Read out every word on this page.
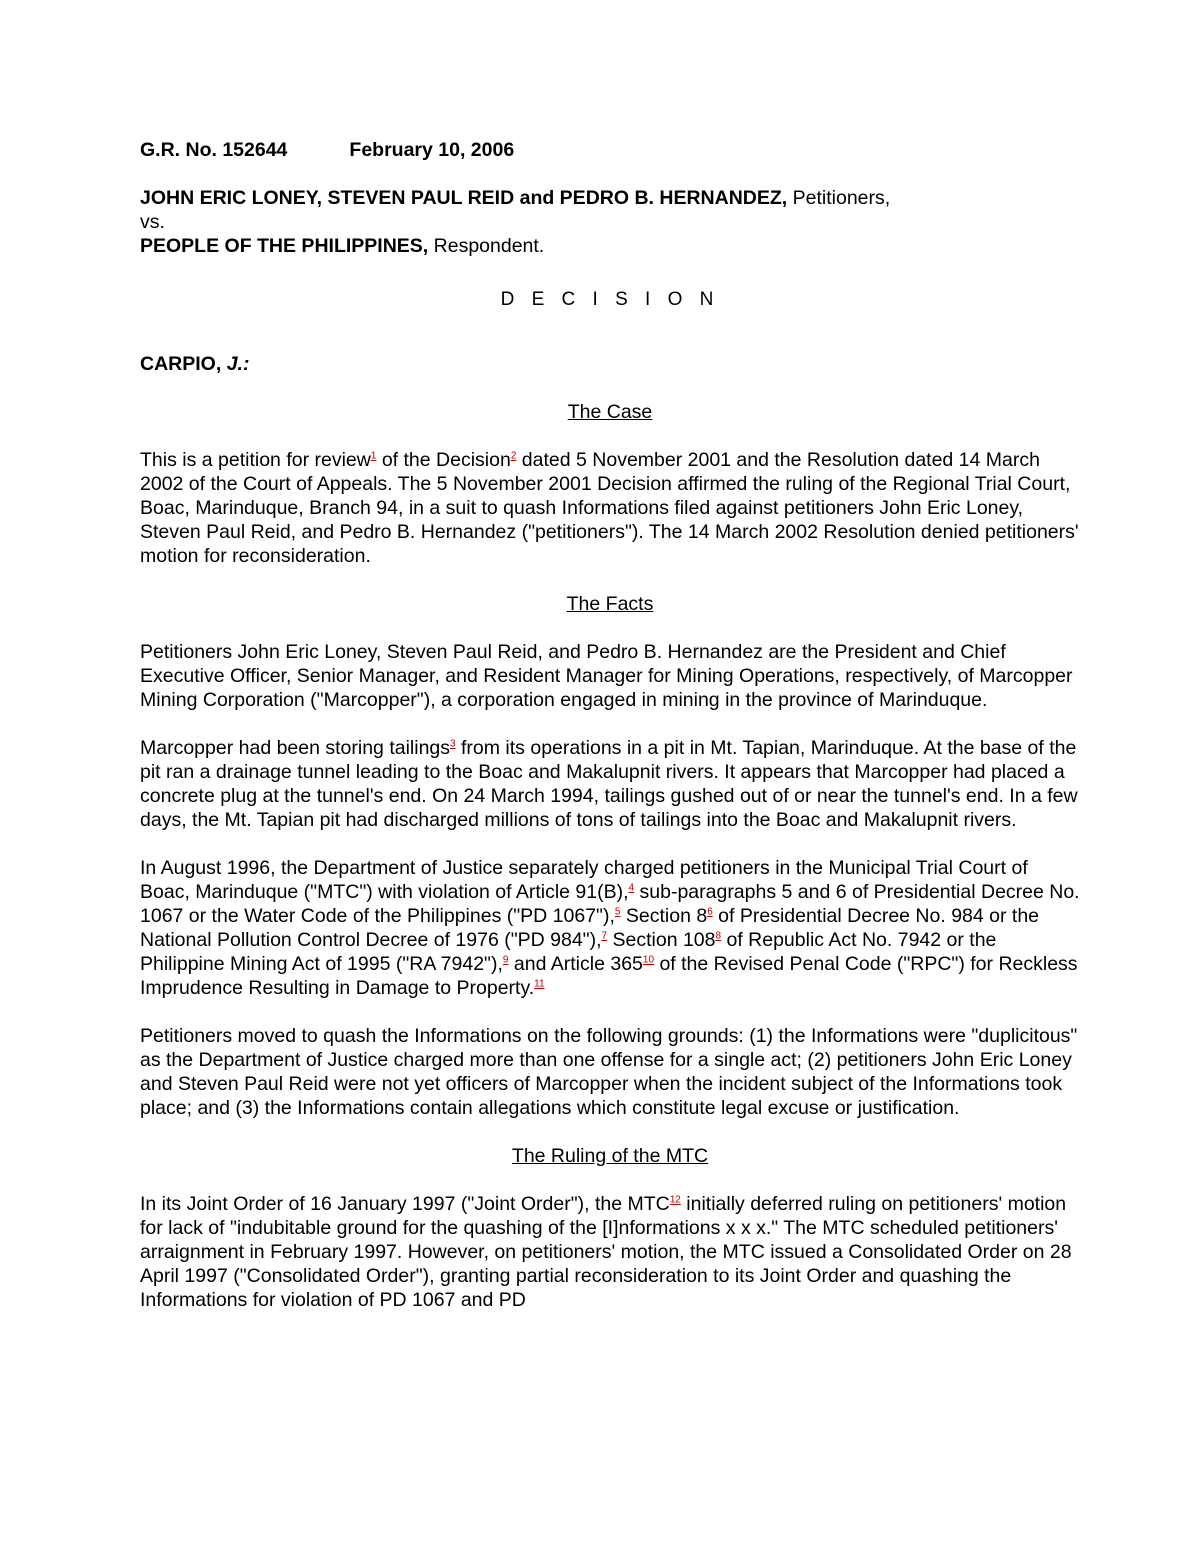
G.R. No. 152644	February 10, 2006

JOHN ERIC LONEY, STEVEN PAUL REID and PEDRO B. HERNANDEZ, Petitioners,
vs.
PEOPLE OF THE PHILIPPINES, Respondent.

D E C I S I O N

CARPIO, J.:

The Case

This is a petition for review$^1$ of the Decision$^2$ dated 5 November 2001 and the Resolution dated 14 March 2002 of the Court of Appeals. The 5 November 2001 Decision affirmed the ruling of the Regional Trial Court, Boac, Marinduque, Branch 94, in a suit to quash Informations filed against petitioners John Eric Loney, Steven Paul Reid, and Pedro B. Hernandez ("petitioners"). The 14 March 2002 Resolution denied petitioners' motion for reconsideration.

The Facts

Petitioners John Eric Loney, Steven Paul Reid, and Pedro B. Hernandez are the President and Chief Executive Officer, Senior Manager, and Resident Manager for Mining Operations, respectively, of Marcopper Mining Corporation ("Marcopper"), a corporation engaged in mining in the province of Marinduque.

Marcopper had been storing tailings$^3$ from its operations in a pit in Mt. Tapian, Marinduque. At the base of the pit ran a drainage tunnel leading to the Boac and Makalupnit rivers. It appears that Marcopper had placed a concrete plug at the tunnel's end. On 24 March 1994, tailings gushed out of or near the tunnel's end. In a few days, the Mt. Tapian pit had discharged millions of tons of tailings into the Boac and Makalupnit rivers.

In August 1996, the Department of Justice separately charged petitioners in the Municipal Trial Court of Boac, Marinduque ("MTC") with violation of Article 91(B),$^4$ sub-paragraphs 5 and 6 of Presidential Decree No. 1067 or the Water Code of the Philippines ("PD 1067"),$^5$ Section 8$^6$ of Presidential Decree No. 984 or the National Pollution Control Decree of 1976 ("PD 984"),$^7$ Section 108$^8$ of Republic Act No. 7942 or the Philippine Mining Act of 1995 ("RA 7942"),$^9$ and Article 365$^{10}$ of the Revised Penal Code ("RPC") for Reckless Imprudence Resulting in Damage to Property.$^{11}$

Petitioners moved to quash the Informations on the following grounds: (1) the Informations were "duplicitous" as the Department of Justice charged more than one offense for a single act; (2) petitioners John Eric Loney and Steven Paul Reid were not yet officers of Marcopper when the incident subject of the Informations took place; and (3) the Informations contain allegations which constitute legal excuse or justification.

The Ruling of the MTC

In its Joint Order of 16 January 1997 ("Joint Order"), the MTC$^{12}$ initially deferred ruling on petitioners' motion for lack of "indubitable ground for the quashing of the [I]nformations x x x." The MTC scheduled petitioners' arraignment in February 1997. However, on petitioners' motion, the MTC issued a Consolidated Order on 28 April 1997 ("Consolidated Order"), granting partial reconsideration to its Joint Order and quashing the Informations for violation of PD 1067 and PD
